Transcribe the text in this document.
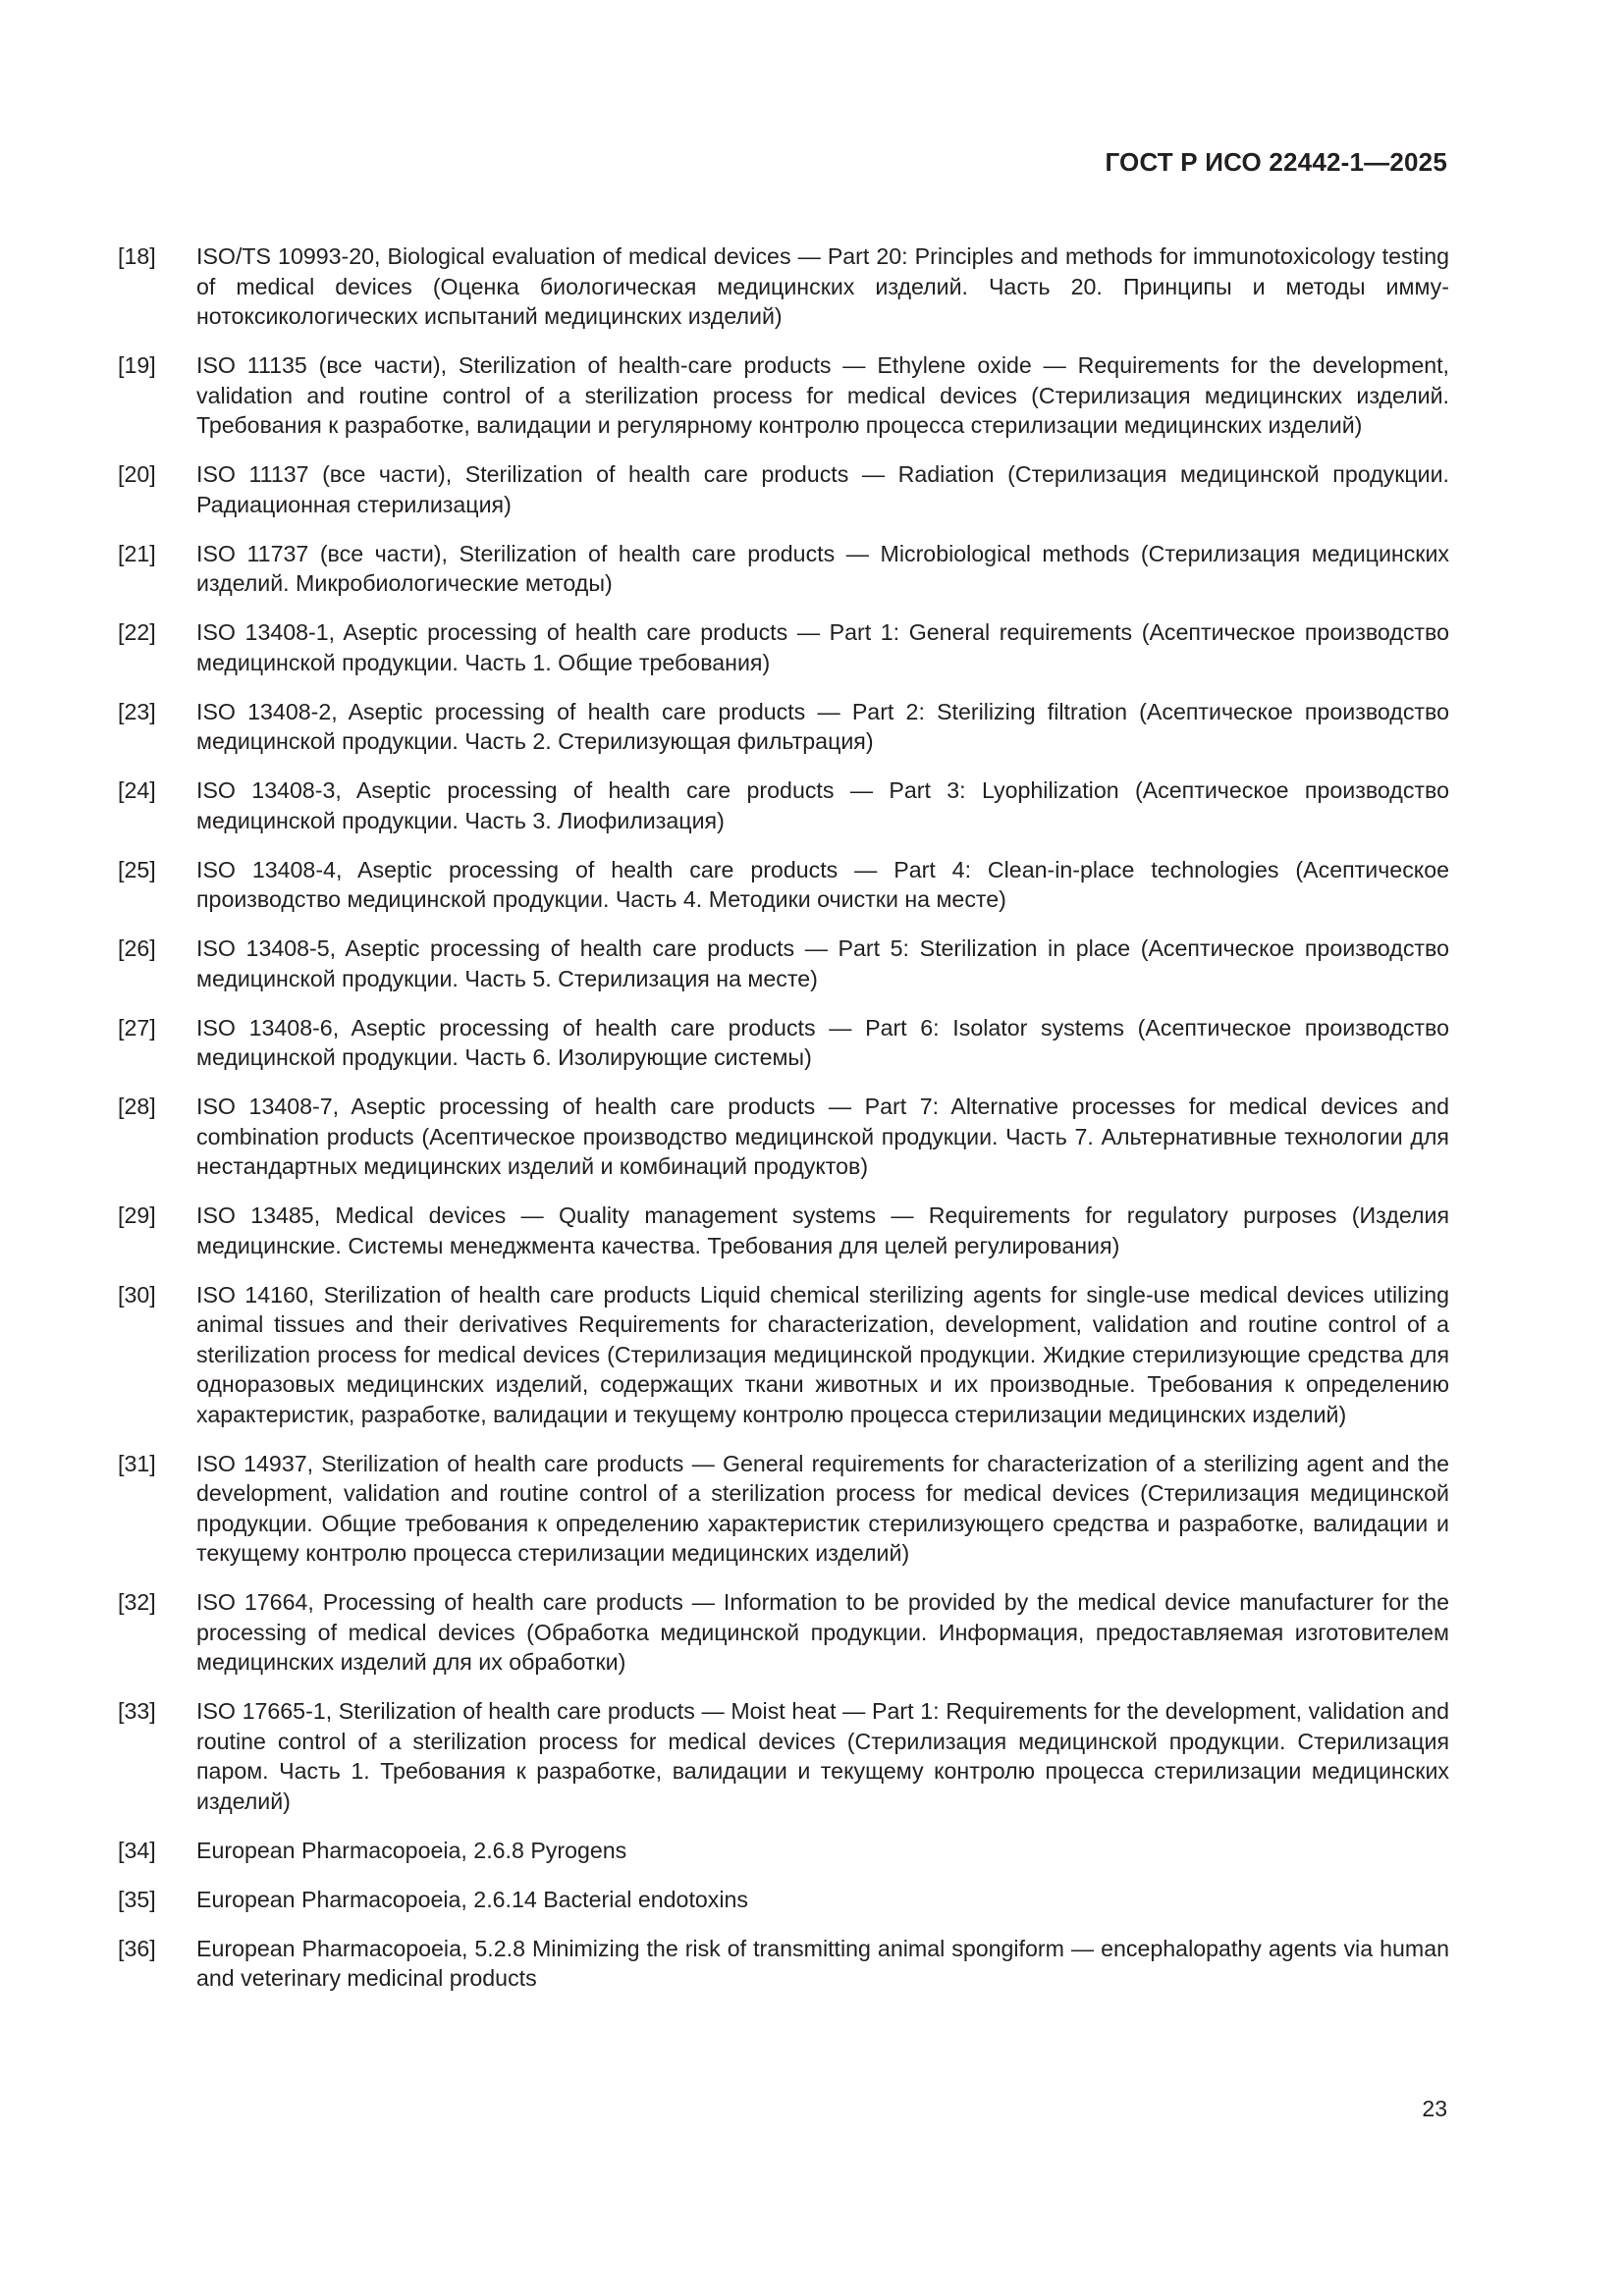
ГОСТ Р ИСО 22442-1—2025
[18]	ISO/TS 10993-20, Biological evaluation of medical devices — Part 20: Principles and methods for immunotoxicology testing of medical devices (Оценка биологическая медицинских изделий. Часть 20. Принципы и методы иммунотоксикологических испытаний медицинских изделий)
[19]	ISO 11135 (все части), Sterilization of health-care products — Ethylene oxide — Requirements for the development, validation and routine control of a sterilization process for medical devices (Стерилизация медицинских изделий. Требования к разработке, валидации и регулярному контролю процесса стерилизации медицинских изделий)
[20]	ISO 11137 (все части), Sterilization of health care products — Radiation (Стерилизация медицинской продукции. Радиационная стерилизация)
[21]	ISO 11737 (все части), Sterilization of health care products — Microbiological methods (Стерилизация медицинских изделий. Микробиологические методы)
[22]	ISO 13408-1, Aseptic processing of health care products — Part 1: General requirements (Асептическое производство медицинской продукции. Часть 1. Общие требования)
[23]	ISO 13408-2, Aseptic processing of health care products — Part 2: Sterilizing filtration (Асептическое производство медицинской продукции. Часть 2. Стерилизующая фильтрация)
[24]	ISO 13408-3, Aseptic processing of health care products — Part 3: Lyophilization (Асептическое производство медицинской продукции. Часть 3. Лиофилизация)
[25]	ISO 13408-4, Aseptic processing of health care products — Part 4: Clean-in-place technologies (Асептическое производство медицинской продукции. Часть 4. Методики очистки на месте)
[26]	ISO 13408-5, Aseptic processing of health care products — Part 5: Sterilization in place (Асептическое производство медицинской продукции. Часть 5. Стерилизация на месте)
[27]	ISO 13408-6, Aseptic processing of health care products — Part 6: Isolator systems (Асептическое производство медицинской продукции. Часть 6. Изолирующие системы)
[28]	ISO 13408-7, Aseptic processing of health care products — Part 7: Alternative processes for medical devices and combination products (Асептическое производство медицинской продукции. Часть 7. Альтернативные технологии для нестандартных медицинских изделий и комбинаций продуктов)
[29]	ISO 13485, Medical devices — Quality management systems — Requirements for regulatory purposes (Изделия медицинские. Системы менеджмента качества. Требования для целей регулирования)
[30]	ISO 14160, Sterilization of health care products Liquid chemical sterilizing agents for single-use medical devices utilizing animal tissues and their derivatives Requirements for characterization, development, validation and routine control of a sterilization process for medical devices (Стерилизация медицинской продукции. Жидкие стерилизующие средства для одноразовых медицинских изделий, содержащих ткани животных и их производные. Требования к определению характеристик, разработке, валидации и текущему контролю процесса стерилизации медицинских изделий)
[31]	ISO 14937, Sterilization of health care products — General requirements for characterization of a sterilizing agent and the development, validation and routine control of a sterilization process for medical devices (Стерилизация медицинской продукции. Общие требования к определению характеристик стерилизующего средства и разработке, валидации и текущему контролю процесса стерилизации медицинских изделий)
[32]	ISO 17664, Processing of health care products — Information to be provided by the medical device manufacturer for the processing of medical devices (Обработка медицинской продукции. Информация, предоставляемая изготовителем медицинских изделий для их обработки)
[33]	ISO 17665-1, Sterilization of health care products — Moist heat — Part 1: Requirements for the development, validation and routine control of a sterilization process for medical devices (Стерилизация медицинской продукции. Стерилизация паром. Часть 1. Требования к разработке, валидации и текущему контролю процесса стерилизации медицинских изделий)
[34]	European Pharmacopoeia, 2.6.8 Pyrogens
[35]	European Pharmacopoeia, 2.6.14 Bacterial endotoxins
[36]	European Pharmacopoeia, 5.2.8 Minimizing the risk of transmitting animal spongiform — encephalopathy agents via human and veterinary medicinal products
23
